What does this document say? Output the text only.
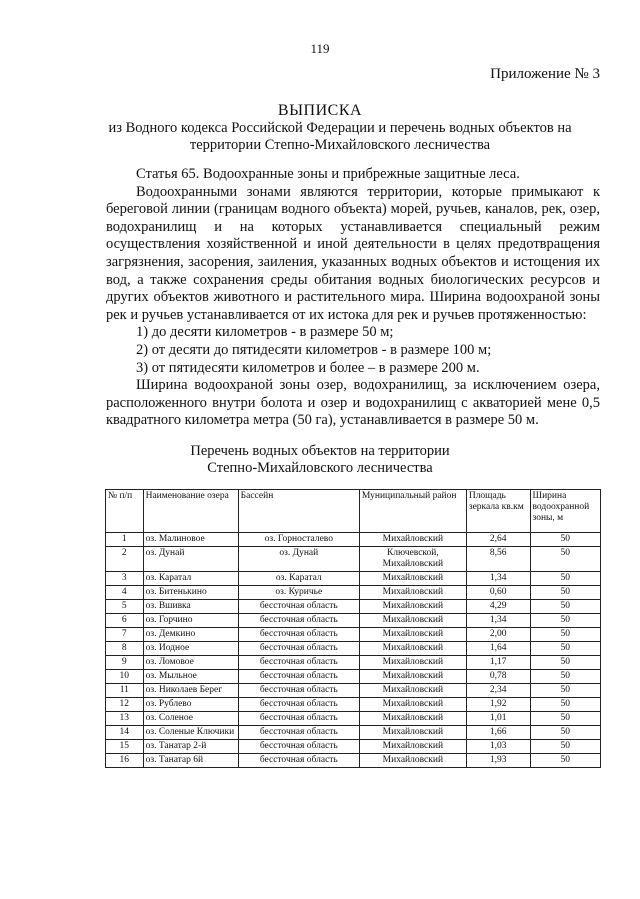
119
Приложение № 3
ВЫПИСКА
из Водного кодекса Российской Федерации и перечень водных объектов на
территории Степно-Михайловского лесничества

Статья 65. Водоохранные зоны и прибрежные защитные леса.

Водоохранными зонами являются территории, которые примыкают к береговой линии (границам водного объекта) морей, ручьев, каналов, рек, озер, водохранилищ и на которых устанавливается специальный режим осуществления хозяйственной и иной деятельности в целях предотвращения загрязнения, засорения, заиления, указанных водных объектов и истощения их вод, а также сохранения среды обитания водных биологических ресурсов и других объектов животного и растительного мира. Ширина водоохраной зоны рек и ручьев устанавливается от их истока для рек и ручьев протяженностью:

1) до десяти километров - в размере 50 м;

2) от десяти до пятидесяти километров - в размере 100 м;

3) от пятидесяти километров и более – в размере 200 м.

Ширина водоохраной зоны озер, водохранилищ, за исключением озера, расположенного внутри болота и озер и водохранилищ с акваторией мене 0,5 квадратного километра метра (50 га), устанавливается в размере 50 м.

Перечень водных объектов на территории
Степно-Михайловского лесничества
№ п/п	Наименование озера	Бассейн	Муниципальный район	Площадь зеркала кв.км	Ширина водоохранной зоны, м
1	оз. Малиновое	оз. Горносталево	Михайловский	2,64	50
2	оз. Дунай	оз. Дунай	Ключевской, Михайловский	8,56	50
3	оз. Каратал	оз. Каратал	Михайловский	1,34	50
4	оз. Битенькино	оз. Куричье	Михайловский	0,60	50
5	оз. Вшивка	бессточная область	Михайловский	4,29	50
6	оз. Горчино	бессточная область	Михайловский	1,34	50
7	оз. Демкино	бессточная область	Михайловский	2,00	50
8	оз. Иодное	бессточная область	Михайловский	1,64	50
9	оз. Ломовое	бессточная область	Михайловский	1,17	50
10	оз. Мыльное	бессточная область	Михайловский	0,78	50
11	оз. Николаев Берег	бессточная область	Михайловский	2,34	50
12	оз. Рублево	бессточная область	Михайловский	1,92	50
13	оз. Соленое	бессточная область	Михайловский	1,01	50
14	оз. Соленые Ключики	бессточная область	Михайловский	1,66	50
15	оз. Танатар 2-й	бессточная область	Михайловский	1,03	50
16	оз. Танатар 6й	бессточная область	Михайловский	1,93	50
